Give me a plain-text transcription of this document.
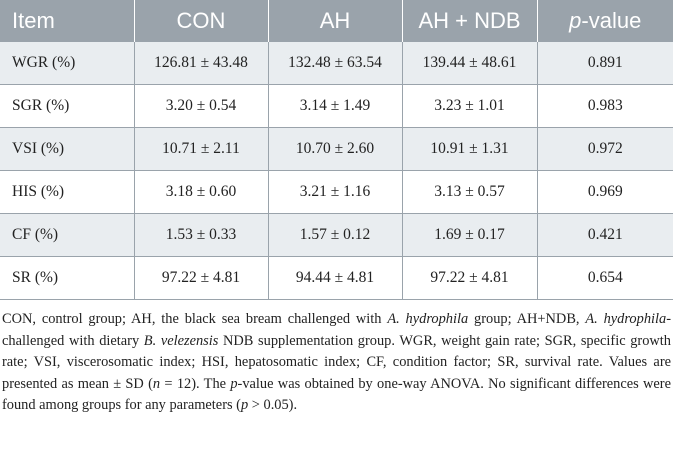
Item	CON	AH	AH + NDB	p-value
WGR (%)	126.81 ± 43.48	132.48 ± 63.54	139.44 ± 48.61	0.891
SGR (%)	3.20 ± 0.54	3.14 ± 1.49	3.23 ± 1.01	0.983
VSI (%)	10.71 ± 2.11	10.70 ± 2.60	10.91 ± 1.31	0.972
HIS (%)	3.18 ± 0.60	3.21 ± 1.16	3.13 ± 0.57	0.969
CF (%)	1.53 ± 0.33	1.57 ± 0.12	1.69 ± 0.17	0.421
SR (%)	97.22 ± 4.81	94.44 ± 4.81	97.22 ± 4.81	0.654

CON, control group; AH, the black sea bream challenged with A. hydrophila group; AH+NDB, A. hydrophila-challenged with dietary B. velezensis NDB supplementation group. WGR, weight gain rate; SGR, specific growth rate; VSI, viscerosomatic index; HSI, hepatosomatic index; CF, condition factor; SR, survival rate. Values are presented as mean ± SD (n = 12). The p-value was obtained by one-way ANOVA. No significant differences were found among groups for any parameters (p > 0.05).
